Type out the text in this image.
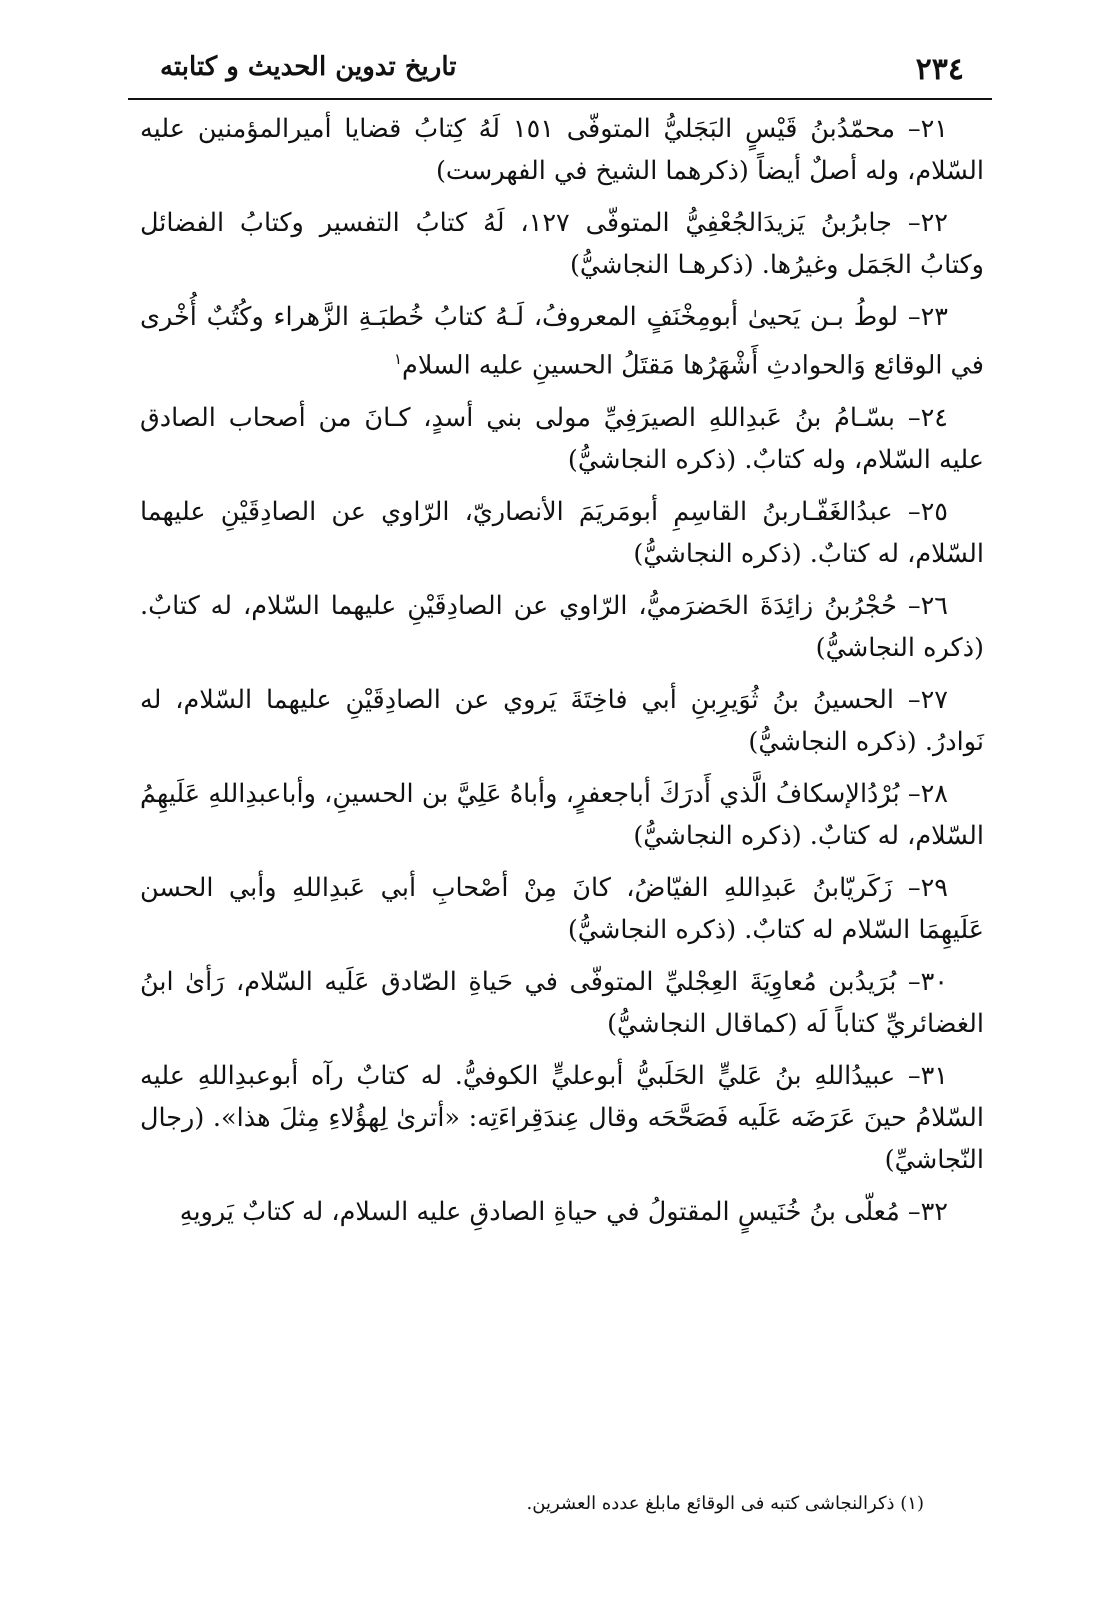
٢٣٤
تاريخ تدوين الحديث و كتابته

٢١– محمّدُبنُ قَيْسٍ البَجَليُّ المتوفّى ١٥١ لَهُ كِتابُ قضايا أميرالمؤمنين عليه السّلام، وله أصلٌ أيضاً (ذكرهما الشيخ في الفهرست)

٢٢– جابرُبنُ يَزيدَالجُعْفِيُّ المتوفّى ١٢٧، لَهُ كتابُ التفسير وكتابُ الفضائل وكتابُ الجَمَل وغيرُها. (ذكرهـا النجاشيُّ)

٢٣– لوطُ بـن يَحيىٰ أبومِخْنَفٍ المعروفُ، لَـهُ كتابُ خُطبَـةِ الزَّهراء وكُتُبٌ أُخْرى في الوقائع وَالحوادثِ أَشْهَرُها مَقتَلُ الحسينِ عليه السلام$^١$

٢٤– بسّـامُ بنُ عَبدِاللهِ الصيرَفِيِّ مولى بني أسدٍ، كـانَ من أصحاب الصادق عليه السّلام، وله كتابٌ. (ذكره النجاشيُّ)

٢٥– عبدُالغَفّـاربنُ القاسِمِ أبومَريَمَ الأنصاريّ، الرّاوي عن الصادِقَيْنِ عليهما السّلام، له كتابٌ. (ذكره النجاشيُّ)

٢٦– حُجْرُبنُ زائِدَةَ الحَضرَميُّ، الرّاوي عن الصادِقَيْنِ عليهما السّلام، له كتابٌ. (ذكره النجاشيُّ)

٢٧– الحسينُ بنُ ثُوَيرِبنِ أبي فاخِتَةَ يَروي عن الصادِقَيْنِ عليهما السّلام، له نَوادرُ. (ذكره النجاشيُّ)

٢٨– بُرْدُالإسكافُ الَّذي أَدرَكَ أباجعفرٍ، وأباهُ عَلِيَّ بن الحسينِ، وأباعبدِاللهِ عَلَيهِمُ السّلام، له كتابٌ. (ذكره النجاشيُّ)

٢٩– زَكَريّابنُ عَبدِاللهِ الفيّاضُ، كانَ مِنْ أصْحابِ أبي عَبدِاللهِ وأبي الحسن عَلَيهِمَا السّلام له كتابٌ. (ذكره النجاشيُّ)

٣٠– بُرَيدُبن مُعاوِيَةَ العِجْليِّ المتوفّى في حَياةِ الصّادق عَلَيه السّلام، رَأىٰ ابنُ الغضائريِّ كتاباً لَه (كماقال النجاشيُّ)

٣١– عبيدُاللهِ بنُ عَليٍّ الحَلَبيُّ أبوعليٍّ الكوفيُّ. له كتابٌ رآه أبوعبدِاللهِ عليه السّلامُ حينَ عَرَضَه عَلَيه فَصَحَّحَه وقال عِندَقِراءَتِه: «أترىٰ لِهؤُلاءِ مِثلَ هذا». (رجال النّجاشيِّ)

٣٢– مُعلّى بنُ خُنَيسٍ المقتولُ في حياةِ الصادقِ عليه السلام، له كتابٌ يَرويهِ

(١) ذكرالنجاشى كتبه فى الوقائع مابلغ عدده العشرين.
